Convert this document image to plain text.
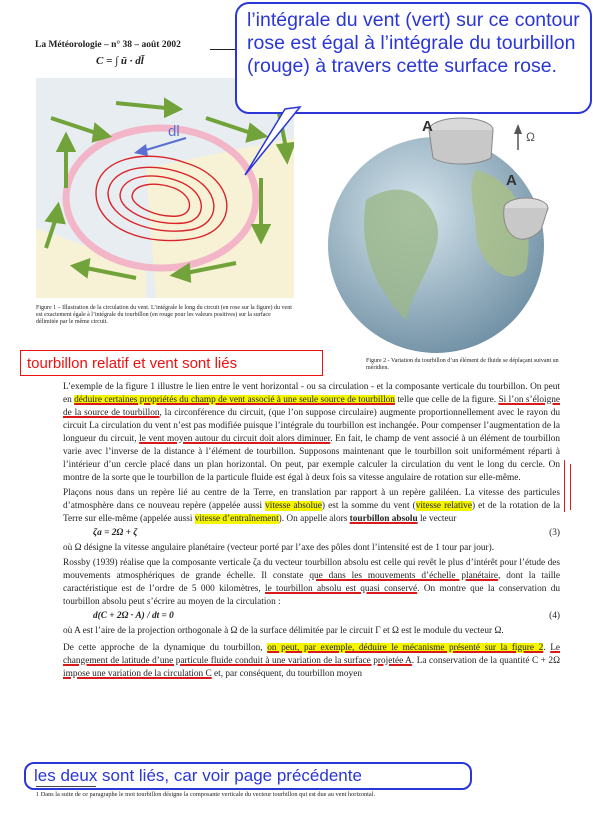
La Météorologie – n° 38 – août 2002
C = ∫ ū · dl̄
dl
Figure 1 – Illustration de la circulation du vent. L’intégrale le long du circuit (en rose sur la figure) du vent est exactement égale à l’intégrale du tourbillon (en rouge pour les valeurs positives) sur la surface délimitée par le même circuit.
A
A
Ω
Figure 2 - Variation du tourbillon d’un élément de fluide se déplaçant suivant un méridien.
l’intégrale du vent (vert) sur ce contour rose est égal à l’intégrale du tourbillon (rouge) à travers cette surface rose.
tourbillon relatif et vent sont liés

L’exemple de la figure 1 illustre le lien entre le vent horizontal - ou sa circulation - et la composante verticale du tourbillon. On peut en déduire certaines propriétés du champ de vent associé à une seule source de tourbillon telle que celle de la figure. Si l’on s’éloigne de la source de tourbillon, la circonférence du circuit, (que l’on suppose circulaire) augmente proportionnellement avec le rayon du circuit La circulation du vent n’est pas modifiée puisque l’intégrale du tourbillon est inchangée. Pour compenser l’augmentation de la longueur du circuit, le vent moyen autour du circuit doit alors diminuer. En fait, le champ de vent associé à un élément de tourbillon varie avec l’inverse de la distance à l’élément de tourbillon. Supposons maintenant que le tourbillon soit uniformément réparti à l’intérieur d’un cercle placé dans un plan horizontal. On peut, par exemple calculer la circulation du vent le long du cercle. On montre de la sorte que le tourbillon de la particule fluide est égal à deux fois sa vitesse angulaire de rotation sur elle-même.

Plaçons nous dans un repère lié au centre de la Terre, en translation par rapport à un repère galiléen. La vitesse des particules d’atmosphère dans ce nouveau repère (appelée aussi vitesse absolue) est la somme du vent (vitesse relative) et de la rotation de la Terre sur elle-même (appelée aussi vitesse d’entraînement). On appelle alors tourbillon absolu le vecteur

ζa = 2Ω + ζ	(3)

où Ω désigne la vitesse angulaire planétaire (vecteur porté par l’axe des pôles dont l’intensité est de 1 tour par jour).

Rossby (1939) réalise que la composante verticale ζa du vecteur tourbillon absolu est celle qui revêt le plus d’intérêt pour l’étude des mouvements atmosphériques de grande échelle. Il constate que dans les mouvements d’échelle planétaire, dont la taille caractéristique est de l’ordre de 5 000 kilomètres, le tourbillon absolu est quasi conservé. On montre que la conservation du tourbillon absolu peut s’écrire au moyen de la circulation :

d(C + 2Ω · A) / dt = 0	(4)

où A est l’aire de la projection orthogonale à Ω de la surface délimitée par le circuit Γ et Ω est le module du vecteur Ω.

De cette approche de la dynamique du tourbillon, on peut, par exemple, déduire le mécanisme présenté sur la figure 2. Le changement de latitude d’une particule fluide conduit à une variation de la surface projetée A. La conservation de la quantité C + 2Ω impose une variation de la circulation C et, par conséquent, du tourbillon moyen

les deux sont liés, car voir page précédente
1 Dans la suite de ce paragraphe le mot tourbillon désigne la composante verticale du vecteur tourbillon qui est due au vent horizontal.
